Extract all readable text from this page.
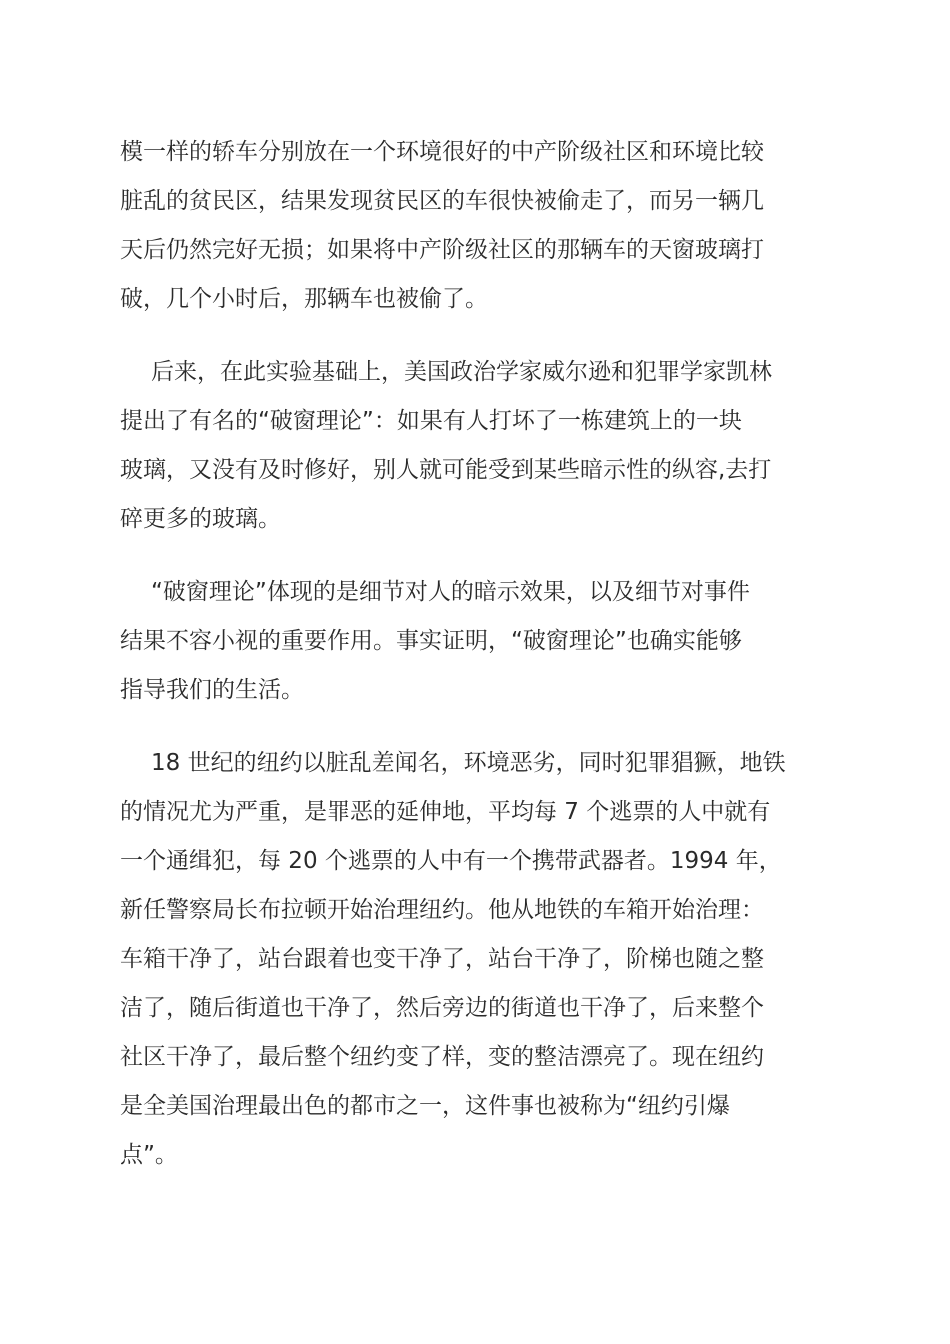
模一样的轿车分别放在一个环境很好的中产阶级社区和环境比较
脏乱的贫民区，结果发现贫民区的车很快被偷走了，而另一辆几
天后仍然完好无损；如果将中产阶级社区的那辆车的天窗玻璃打
破，几个小时后，那辆车也被偷了。
后来，在此实验基础上，美国政治学家威尔逊和犯罪学家凯林
提出了有名的“破窗理论”：如果有人打坏了一栋建筑上的一块
玻璃，又没有及时修好，别人就可能受到某些暗示性的纵容,去打
碎更多的玻璃。
“破窗理论”体现的是细节对人的暗示效果，以及细节对事件
结果不容小视的重要作用。事实证明，“破窗理论”也确实能够
指导我们的生活。
18 世纪的纽约以脏乱差闻名，环境恶劣，同时犯罪猖獗，地铁
的情况尤为严重，是罪恶的延伸地，平均每 7 个逃票的人中就有
一个通缉犯，每 20 个逃票的人中有一个携带武器者。1994 年，
新任警察局长布拉顿开始治理纽约。他从地铁的车箱开始治理：
车箱干净了，站台跟着也变干净了，站台干净了，阶梯也随之整
洁了，随后街道也干净了，然后旁边的街道也干净了，后来整个
社区干净了，最后整个纽约变了样，变的整洁漂亮了。现在纽约
是全美国治理最出色的都市之一，这件事也被称为“纽约引爆
点”。
